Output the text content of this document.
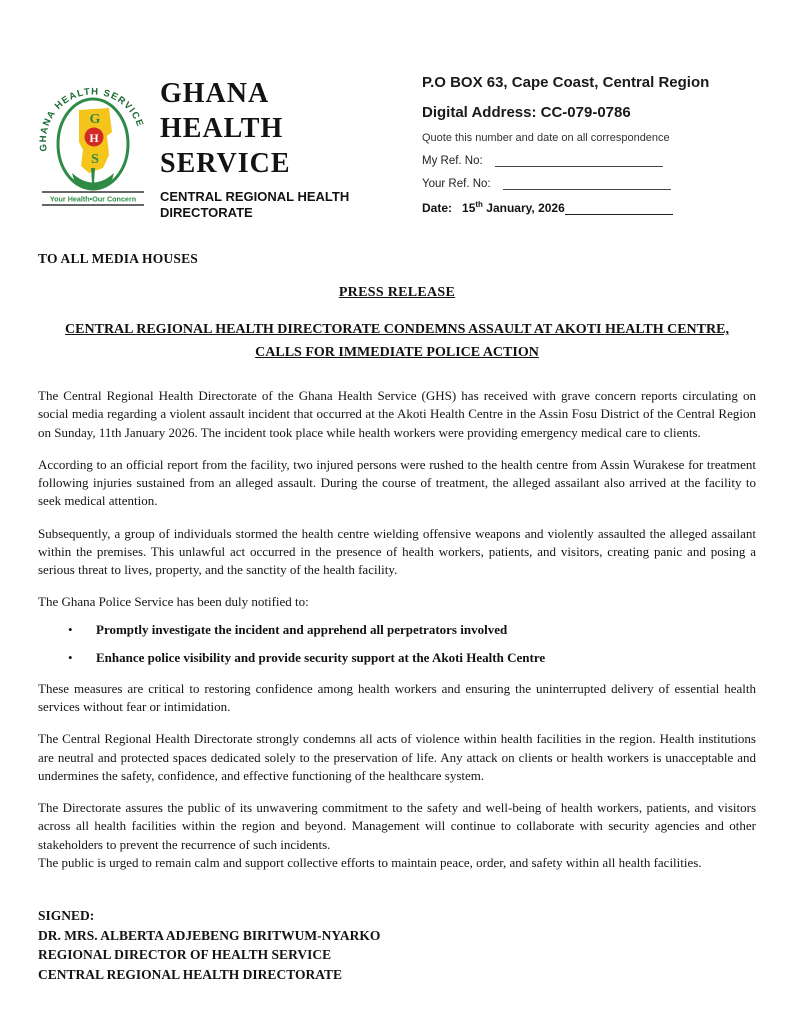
GHANA HEALTH SERVICE
G
H
S
Your Health•Our Concern
GHANA
HEALTH
SERVICE
CENTRAL REGIONAL HEALTH DIRECTORATE
P.O BOX 63, Cape Coast, Central Region
Digital Address: CC-079-0786
Quote this number and date on all correspondence
My Ref. No:
Your Ref. No:
Date: 15th January, 2026
TO ALL MEDIA HOUSES
PRESS RELEASE
CENTRAL REGIONAL HEALTH DIRECTORATE CONDEMNS ASSAULT AT AKOTI HEALTH CENTRE,
CALLS FOR IMMEDIATE POLICE ACTION
The Central Regional Health Directorate of the Ghana Health Service (GHS) has received with grave concern reports circulating on social media regarding a violent assault incident that occurred at the Akoti Health Centre in the Assin Fosu District of the Central Region on Sunday, 11th January 2026. The incident took place while health workers were providing emergency medical care to clients.
According to an official report from the facility, two injured persons were rushed to the health centre from Assin Wurakese for treatment following injuries sustained from an alleged assault. During the course of treatment, the alleged assailant also arrived at the facility to seek medical attention.
Subsequently, a group of individuals stormed the health centre wielding offensive weapons and violently assaulted the alleged assailant within the premises. This unlawful act occurred in the presence of health workers, patients, and visitors, creating panic and posing a serious threat to lives, property, and the sanctity of the health facility.
The Ghana Police Service has been duly notified to:
•	Promptly investigate the incident and apprehend all perpetrators involved
•	Enhance police visibility and provide security support at the Akoti Health Centre
These measures are critical to restoring confidence among health workers and ensuring the uninterrupted delivery of essential health services without fear or intimidation.
The Central Regional Health Directorate strongly condemns all acts of violence within health facilities in the region. Health institutions are neutral and protected spaces dedicated solely to the preservation of life. Any attack on clients or health workers is unacceptable and undermines the safety, confidence, and effective functioning of the healthcare system.
The Directorate assures the public of its unwavering commitment to the safety and well-being of health workers, patients, and visitors across all health facilities within the region and beyond. Management will continue to collaborate with security agencies and other stakeholders to prevent the recurrence of such incidents.
The public is urged to remain calm and support collective efforts to maintain peace, order, and safety within all health facilities.
SIGNED:
DR. MRS. ALBERTA ADJEBENG BIRITWUM-NYARKO
REGIONAL DIRECTOR OF HEALTH SERVICE
CENTRAL REGIONAL HEALTH DIRECTORATE
